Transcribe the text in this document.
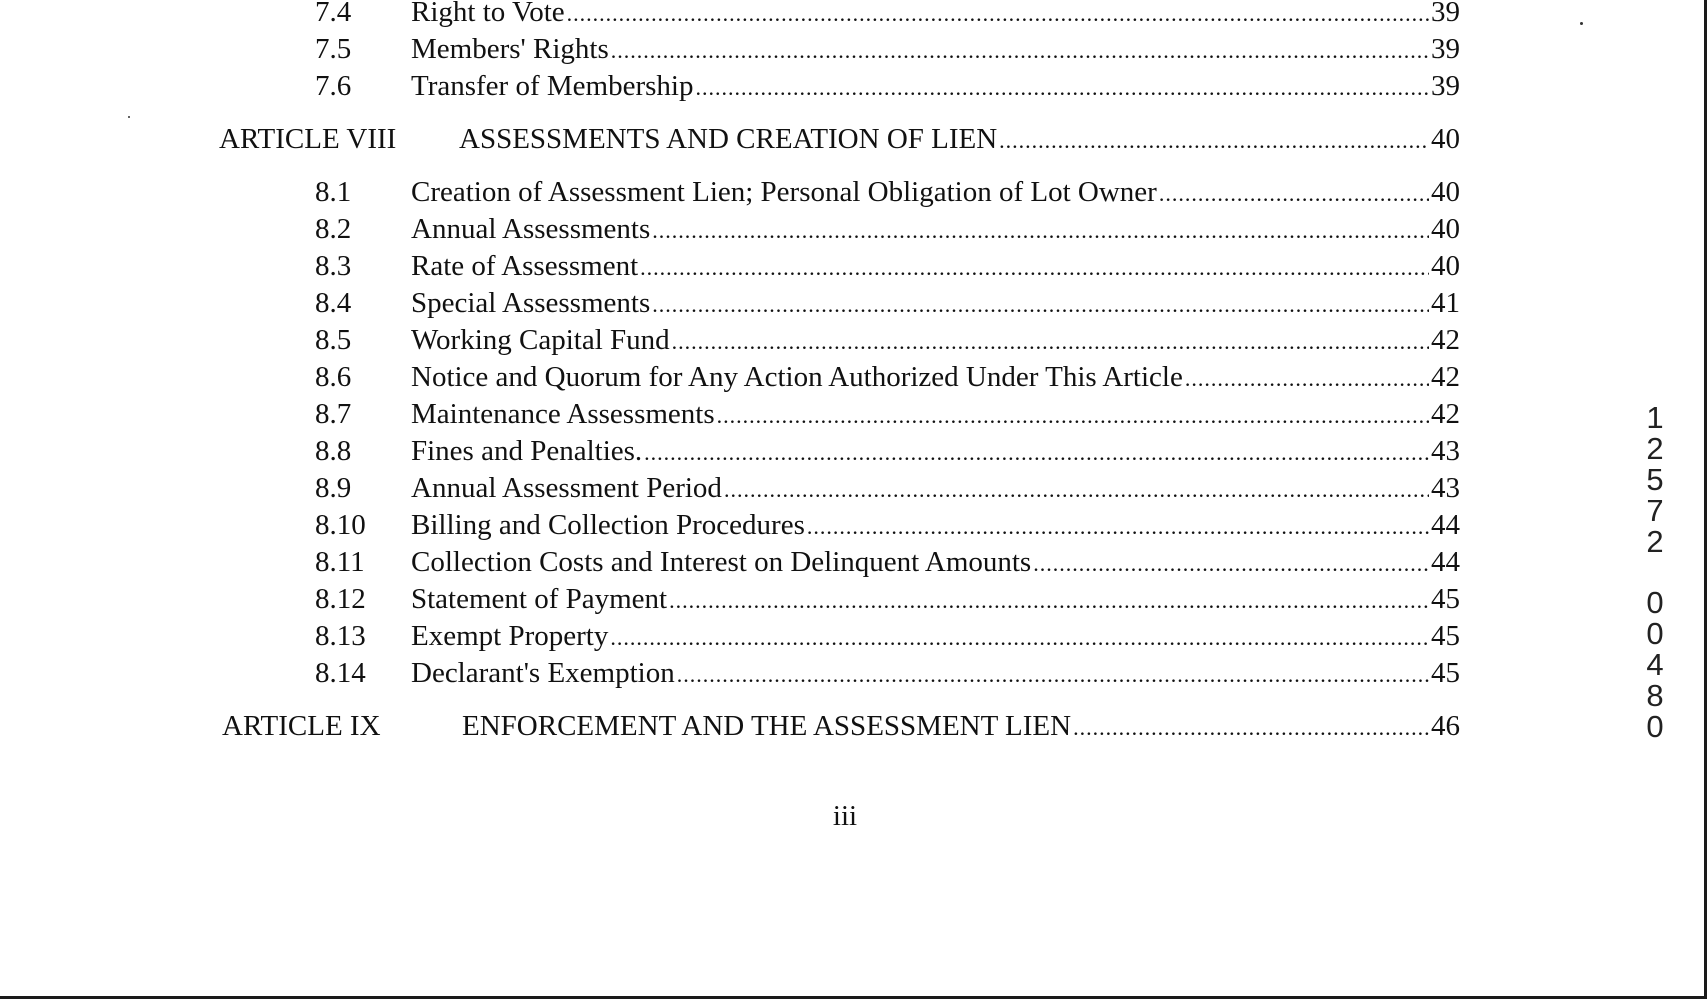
7.4 Right to Vote .....	39
7.5 Members' Rights .....	39
7.6 Transfer of Membership .....	39
ARTICLE VIII ASSESSMENTS AND CREATION OF LIEN .....	40
8.1 Creation of Assessment Lien; Personal Obligation of Lot Owner .....	40
8.2 Annual Assessments .....	40
8.3 Rate of Assessment .....	40
8.4 Special Assessments .....	41
8.5 Working Capital Fund .....	42
8.6 Notice and Quorum for Any Action Authorized Under This Article .....	42
8.7 Maintenance Assessments .....	42
8.8 Fines and Penalties. .....	43
8.9 Annual Assessment Period .....	43
8.10 Billing and Collection Procedures .....	44
8.11 Collection Costs and Interest on Delinquent Amounts .....	44
8.12 Statement of Payment .....	45
8.13 Exempt Property .....	45
8.14 Declarant's Exemption .....	45
ARTICLE IX	ENFORCEMENT AND THE ASSESSMENT LIEN .....	46
iii
1
2
5
7
2
0
0
4
8
0
